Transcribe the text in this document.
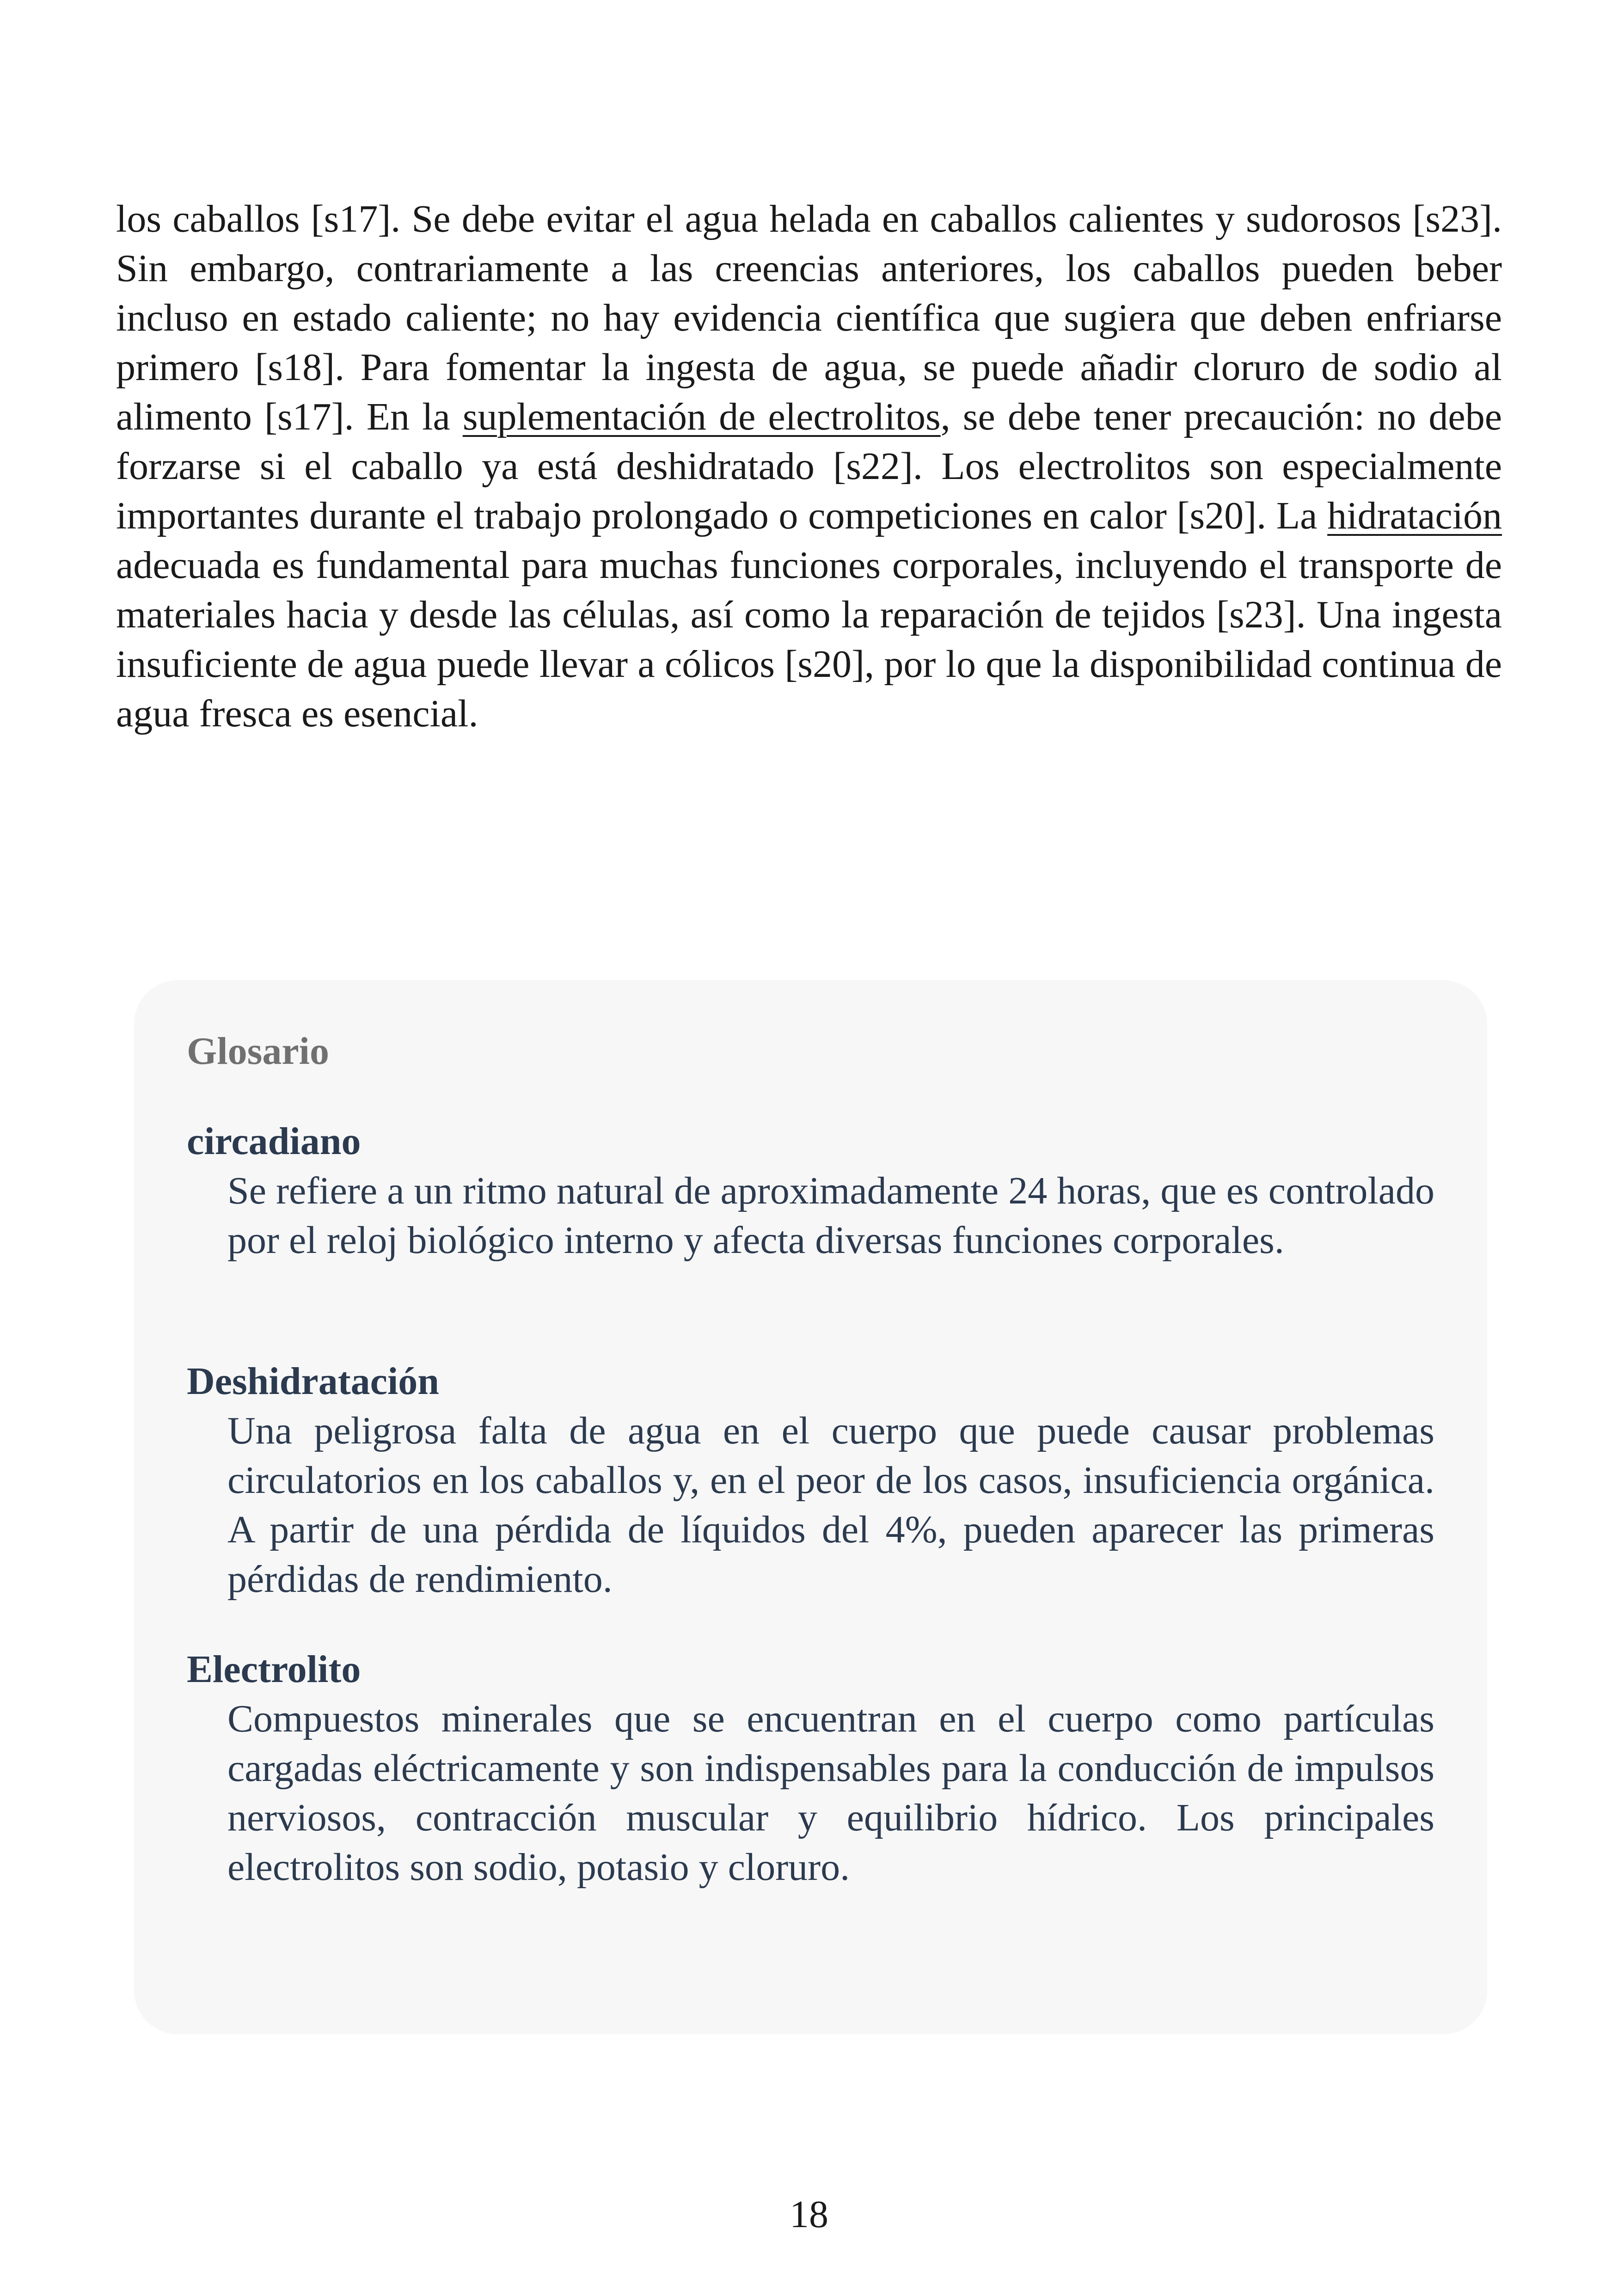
los caballos [s17]. Se debe evitar el agua helada en caballos calientes y sudorosos [s23]. Sin embargo, contrariamente a las creencias anteriores, los caballos pueden beber incluso en estado caliente; no hay evidencia científica que sugiera que deben enfriarse primero [s18]. Para fomentar la ingesta de agua, se puede añadir cloruro de sodio al alimento [s17]. En la suplementación de electrolitos, se debe tener precaución: no debe forzarse si el caballo ya está deshidratado [s22]. Los electrolitos son especialmente importantes durante el trabajo prolongado o competiciones en calor [s20]. La hidratación adecuada es fundamental para muchas funciones corporales, incluyendo el transporte de materiales hacia y desde las células, así como la reparación de tejidos [s23]. Una ingesta insuficiente de agua puede llevar a cólicos [s20], por lo que la disponibilidad continua de agua fresca es esencial.

Glosario
circadiano
Se refiere a un ritmo natural de aproximadamente 24 horas, que es controlado por el reloj biológico interno y afecta diversas funciones corporales.
Deshidratación
Una peligrosa falta de agua en el cuerpo que puede causar problemas circulatorios en los caballos y, en el peor de los casos, insuficiencia orgánica. A partir de una pérdida de líquidos del 4%, pueden aparecer las primeras pérdidas de rendimiento.
Electrolito
Compuestos minerales que se encuentran en el cuerpo como partículas cargadas eléctricamente y son indispensables para la conducción de impulsos nerviosos, contracción muscular y equilibrio hídrico. Los principales electrolitos son sodio, potasio y cloruro.
18
